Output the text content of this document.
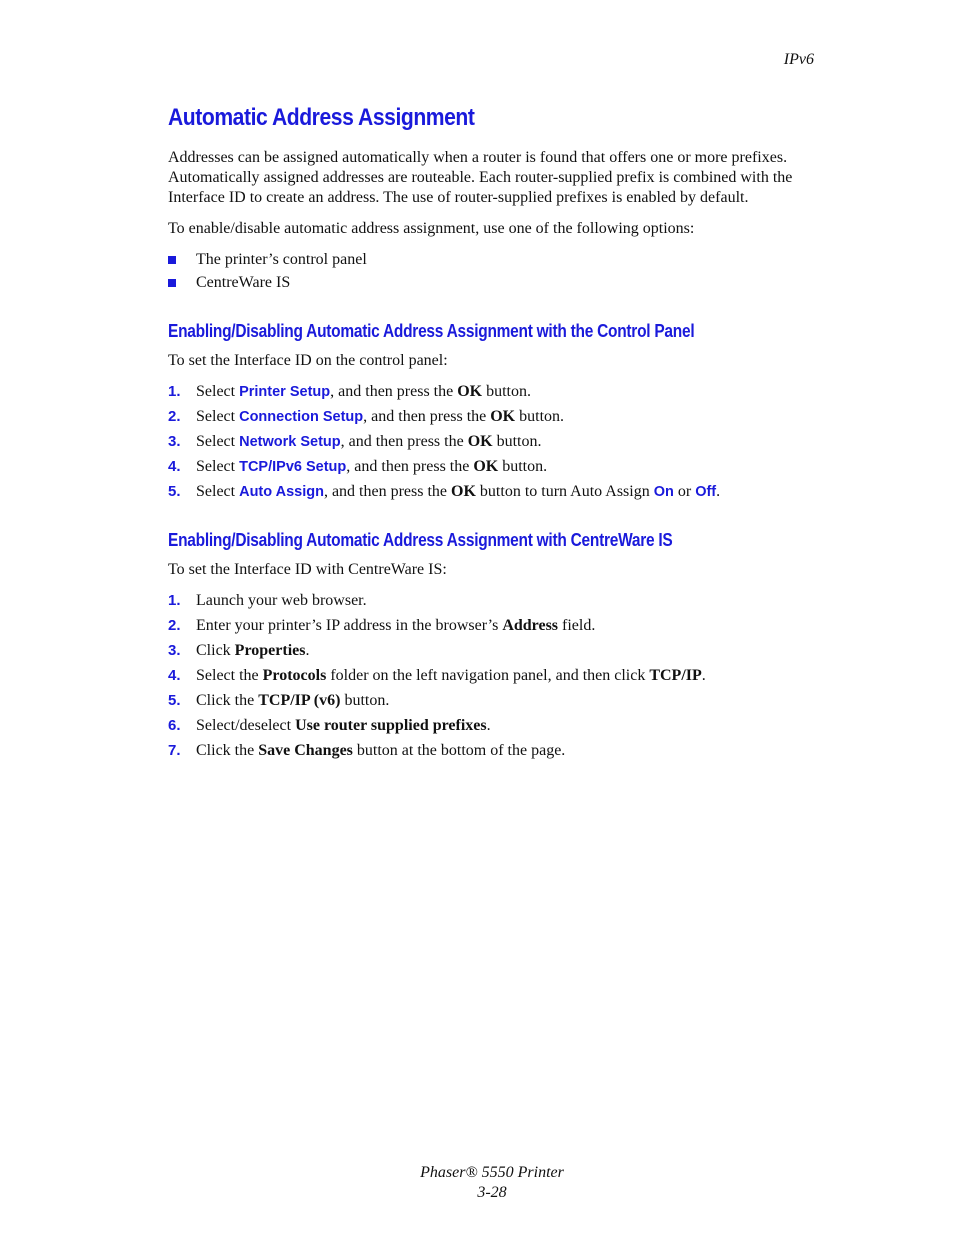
IPv6
Automatic Address Assignment

Addresses can be assigned automatically when a router is found that offers one or more prefixes. Automatically assigned addresses are routeable. Each router-supplied prefix is combined with the Interface ID to create an address. The use of router-supplied prefixes is enabled by default.

To enable/disable automatic address assignment, use one of the following options:

The printer’s control panel
CentreWare IS
Enabling/Disabling Automatic Address Assignment with the Control Panel

To set the Interface ID on the control panel:

1. Select Printer Setup, and then press the OK button.
2. Select Connection Setup, and then press the OK button.
3. Select Network Setup, and then press the OK button.
4. Select TCP/IPv6 Setup, and then press the OK button.
5. Select Auto Assign, and then press the OK button to turn Auto Assign On or Off.
Enabling/Disabling Automatic Address Assignment with CentreWare IS

To set the Interface ID with CentreWare IS:

1. Launch your web browser.
2. Enter your printer’s IP address in the browser’s Address field.
3. Click Properties.
4. Select the Protocols folder on the left navigation panel, and then click TCP/IP.
5. Click the TCP/IP (v6) button.
6. Select/deselect Use router supplied prefixes.
7. Click the Save Changes button at the bottom of the page.
Phaser® 5550 Printer
3-28
